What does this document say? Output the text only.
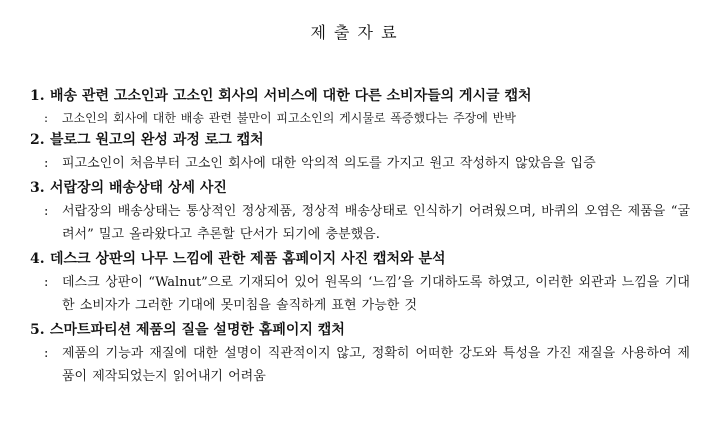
제 출 자 료
1. 배송 관련 고소인과 고소인 회사의 서비스에 대한 다른 소비자들의 게시글 캡처
: 고소인의 회사에 대한 배송 관련 불만이 피고소인의 게시물로 폭증했다는 주장에 반박
2. 블로그 원고의 완성 과정 로그 캡처
: 피고소인이 처음부터 고소인 회사에 대한 악의적 의도를 가지고 원고 작성하지 않았음을 입증
3. 서랍장의 배송상태 상세 사진
: 서랍장의 배송상태는 통상적인 정상제품, 정상적 배송상태로 인식하기 어려웠으며, 바퀴의 오염은 제품을 “굴려서” 밀고 올라왔다고 추론할 단서가 되기에 충분했음.
4. 데스크 상판의 나무 느낌에 관한 제품 홈페이지 사진 캡처와 분석
: 데스크 상판이 “Walnut”으로 기재되어 있어 원목의 ‘느낌’을 기대하도록 하였고, 이러한 외관과 느낌을 기대한 소비자가 그러한 기대에 못미침을 솔직하게 표현 가능한 것
5. 스마트파티션 제품의 질을 설명한 홈페이지 캡처
: 제품의 기능과 재질에 대한 설명이 직관적이지 않고, 정확히 어떠한 강도와 특성을 가진 재질을 사용하여 제품이 제작되었는지 읽어내기 어려움
